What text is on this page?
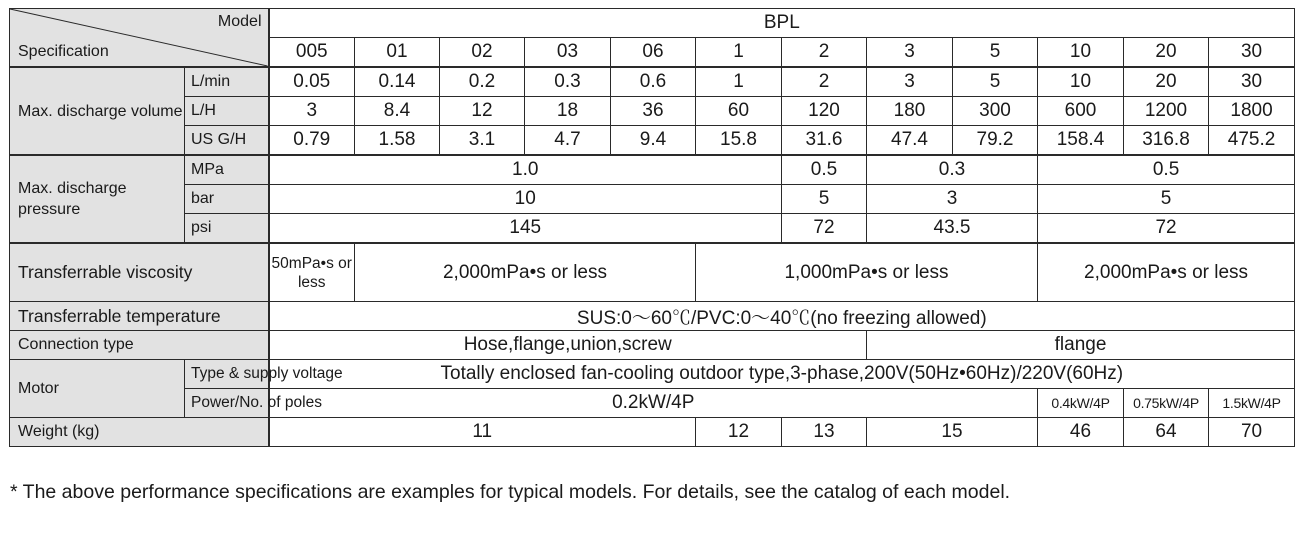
Model
Specification		BPL											
		005	01	02	03	06	1	2	3	5	10	20	30
Max. discharge volume	L/min	0.05	0.14	0.2	0.3	0.6	1	2	3	5	10	20	30
	L/H	3	8.4	12	18	36	60	120	180	300	600	1200	1800
	US G/H	0.79	1.58	3.1	4.7	9.4	15.8	31.6	47.4	79.2	158.4	316.8	475.2
Max. discharge pressure	MPa	1.0						0.5	0.3		0.5		
	bar	10						5	3		5		
	psi	145						72	43.5		72		
Transferrable viscosity		50mPa•s or less	2,000mPa•s or less				1,000mPa•s or less				2,000mPa•s or less		
Transferrable temperature		SUS:0〜60℃/PVC:0〜40℃(no freezing allowed)											
Connection type		Hose,flange,union,screw							flange				
Motor	Type & supply voltage	Totally enclosed fan-cooling outdoor type,3-phase,200V(50Hz•60Hz)/220V(60Hz)											
	Power/No. of poles	0.2kW/4P									0.4kW/4P	0.75kW/4P	1.5kW/4P
Weight (kg)		11					12	13	15		46	64	70
* The above performance specifications are examples for typical models. For details, see the catalog of each model.
